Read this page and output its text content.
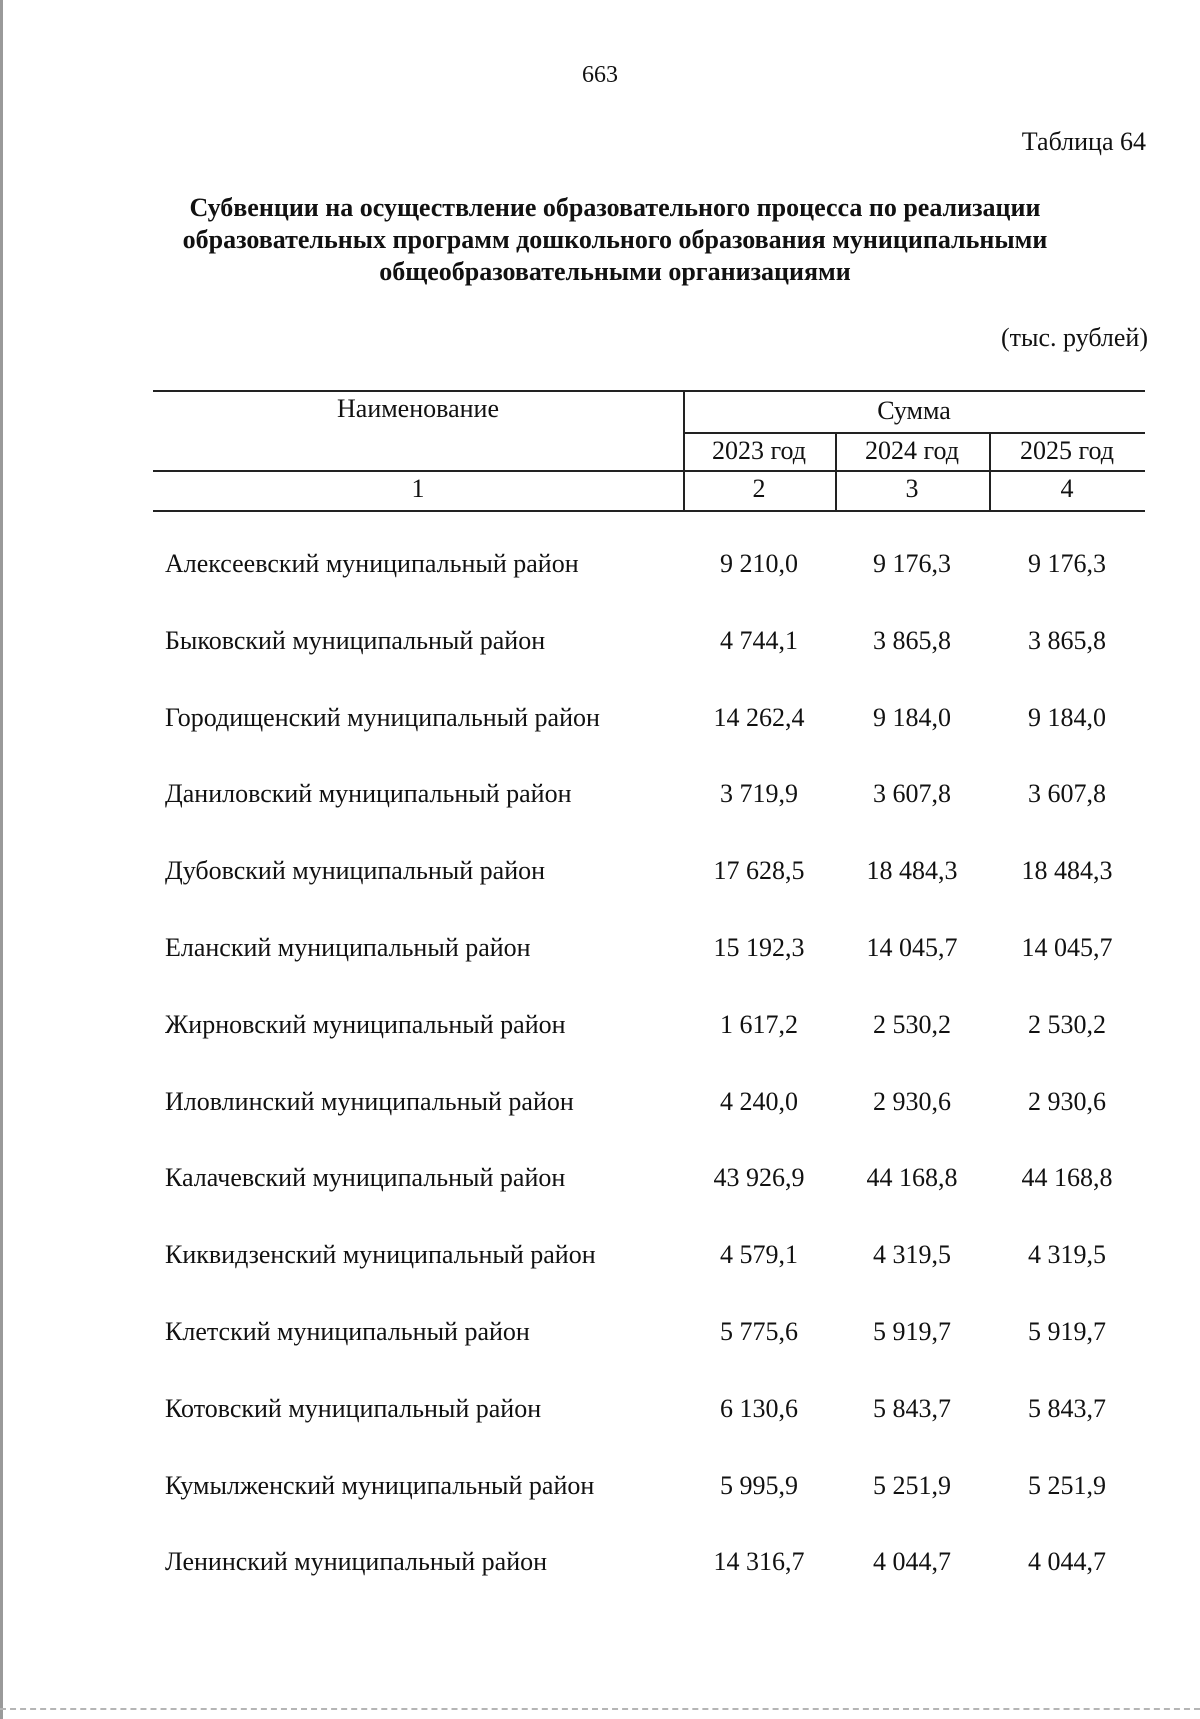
663
Таблица 64
Субвенции на осуществление образовательного процесса по реализации
образовательных программ дошкольного образования муниципальными
общеобразовательными организациями
(тыс. рублей)
Наименование	Сумма
2023 год	2024 год	2025 год
1	2	3	4
Алексеевский муниципальный район	9 210,0	9 176,3	9 176,3
Быковский муниципальный район	4 744,1	3 865,8	3 865,8
Городищенский муниципальный район	14 262,4	9 184,0	9 184,0
Даниловский муниципальный район	3 719,9	3 607,8	3 607,8
Дубовский муниципальный район	17 628,5	18 484,3	18 484,3
Еланский муниципальный район	15 192,3	14 045,7	14 045,7
Жирновский муниципальный район	1 617,2	2 530,2	2 530,2
Иловлинский муниципальный район	4 240,0	2 930,6	2 930,6
Калачевский муниципальный район	43 926,9	44 168,8	44 168,8
Киквидзенский муниципальный район	4 579,1	4 319,5	4 319,5
Клетский муниципальный район	5 775,6	5 919,7	5 919,7
Котовский муниципальный район	6 130,6	5 843,7	5 843,7
Кумылженский муниципальный район	5 995,9	5 251,9	5 251,9
Ленинский муниципальный район	14 316,7	4 044,7	4 044,7
